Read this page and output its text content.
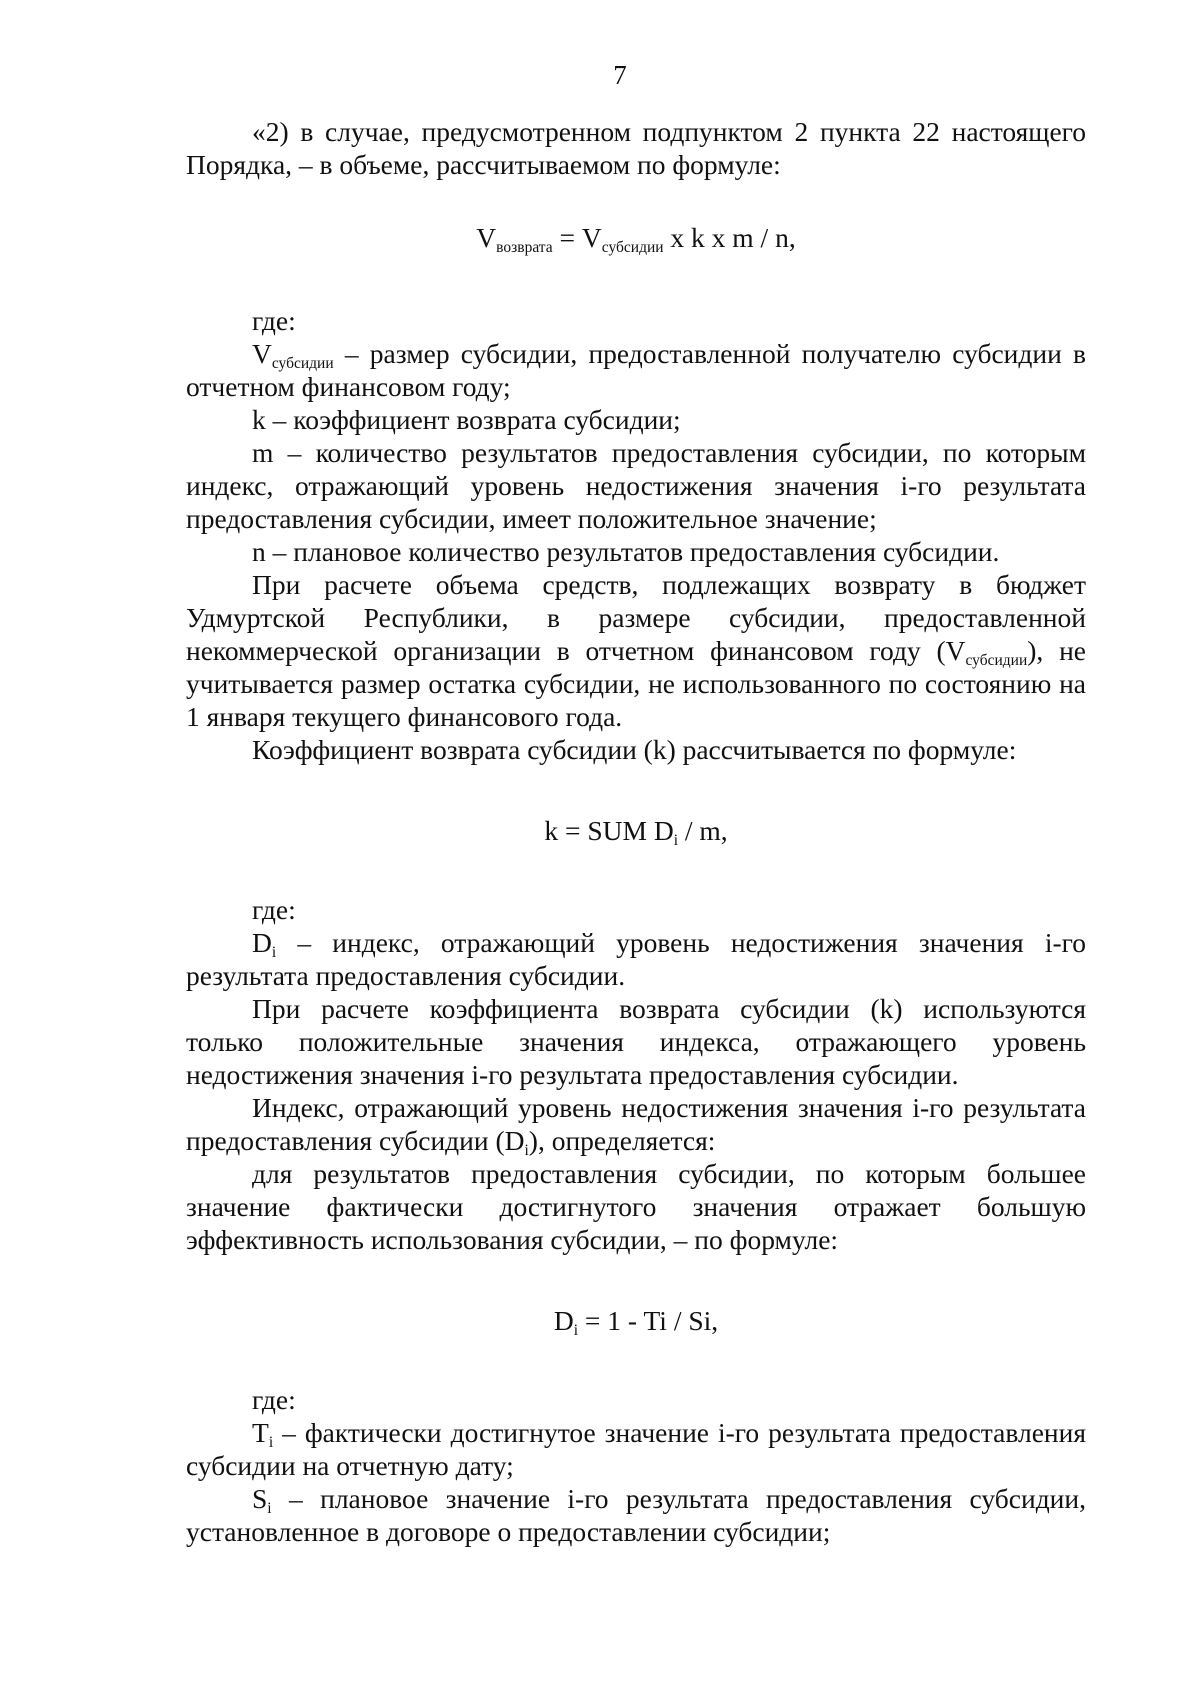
7

«2) в случае, предусмотренном подпунктом 2 пункта 22 настоящего Порядка, – в объеме, рассчитываемом по формуле:

$V_{возврата} = V_{субсидии}$ x k x m / n,

где:

$V_{субсидии}$ – размер субсидии, предоставленной получателю субсидии в отчетном финансовом году;

k – коэффициент возврата субсидии;

m – количество результатов предоставления субсидии, по которым индекс, отражающий уровень недостижения значения i-го результата предоставления субсидии, имеет положительное значение;

n – плановое количество результатов предоставления субсидии.

При расчете объема средств, подлежащих возврату в бюджет Удмуртской Республики, в размере субсидии, предоставленной некоммерческой организации в отчетном финансовом году $(V_{субсидии})$, не учитывается размер остатка субсидии, не использованного по состоянию на 1 января текущего финансового года.

Коэффициент возврата субсидии (k) рассчитывается по формуле:

k = SUM $D_i$ / m,

где:

$D_i$ – индекс, отражающий уровень недостижения значения i-го результата предоставления субсидии.

При расчете коэффициента возврата субсидии (k) используются только положительные значения индекса, отражающего уровень недостижения значения i-го результата предоставления субсидии.

Индекс, отражающий уровень недостижения значения i-го результата предоставления субсидии $(D_i)$, определяется:

для результатов предоставления субсидии, по которым большее значение фактически достигнутого значения отражает большую эффективность использования субсидии, – по формуле:

$D_i = 1 - Ti / Si$,

где:

$T_i$ – фактически достигнутое значение i-го результата предоставления субсидии на отчетную дату;

$S_i$ – плановое значение i-го результата предоставления субсидии, установленное в договоре о предоставлении субсидии;
